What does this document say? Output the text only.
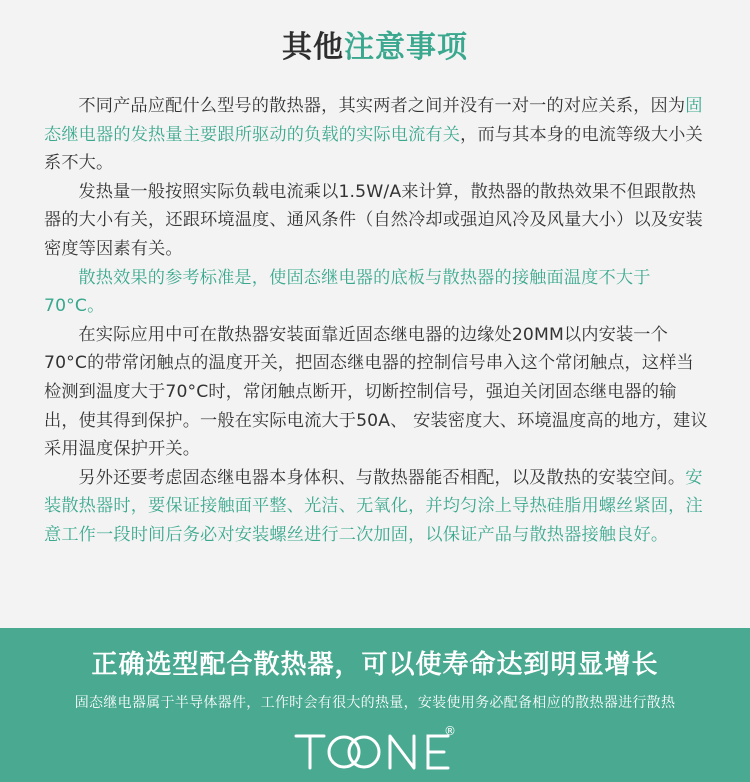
其他注意事项

不同产品应配什么型号的散热器，其实两者之间并没有一对一的对应关系，因为固态继电器的发热量主要跟所驱动的负载的实际电流有关，而与其本身的电流等级大小关系不大。

发热量一般按照实际负载电流乘以1.5W/A来计算，散热器的散热效果不但跟散热器的大小有关，还跟环境温度、通风条件（自然冷却或强迫风冷及风量大小）以及安装密度等因素有关。

散热效果的参考标准是，使固态继电器的底板与散热器的接触面温度不大于70°C。

在实际应用中可在散热器安装面靠近固态继电器的边缘处20MM以内安装一个70°C的带常闭触点的温度开关，把固态继电器的控制信号串入这个常闭触点，这样当检测到温度大于70°C时，常闭触点断开，切断控制信号，强迫关闭固态继电器的输出，使其得到保护。一般在实际电流大于50A、 安装密度大、环境温度高的地方，建议采用温度保护开关。

另外还要考虑固态继电器本身体积、与散热器能否相配，以及散热的安装空间。安装散热器时，要保证接触面平整、光洁、无氧化，并均匀涂上导热硅脂用螺丝紧固，注意工作一段时间后务必对安装螺丝进行二次加固，以保证产品与散热器接触良好。

正确选型配合散热器，可以使寿命达到明显增长
固态继电器属于半导体器件，工作时会有很大的热量，安装使用务必配备相应的散热器进行散热
®
